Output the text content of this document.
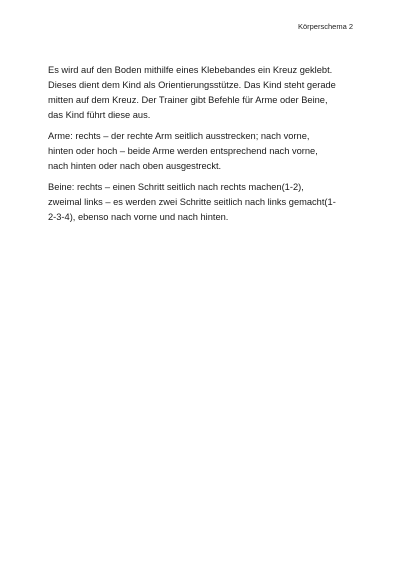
Körperschema 2

Es wird auf den Boden mithilfe eines Klebebandes ein Kreuz geklebt.
Dieses dient dem Kind als Orientierungsstütze. Das Kind steht gerade
mitten auf dem Kreuz. Der Trainer gibt Befehle für Arme oder Beine,
das Kind führt diese aus.

Arme: rechts – der rechte Arm seitlich ausstrecken; nach vorne,
hinten oder hoch – beide Arme werden entsprechend nach vorne,
nach hinten oder nach oben ausgestreckt.

Beine: rechts – einen Schritt seitlich nach rechts machen(1-2),
zweimal links – es werden zwei Schritte seitlich nach links gemacht(1-
2-3-4), ebenso nach vorne und nach hinten.
